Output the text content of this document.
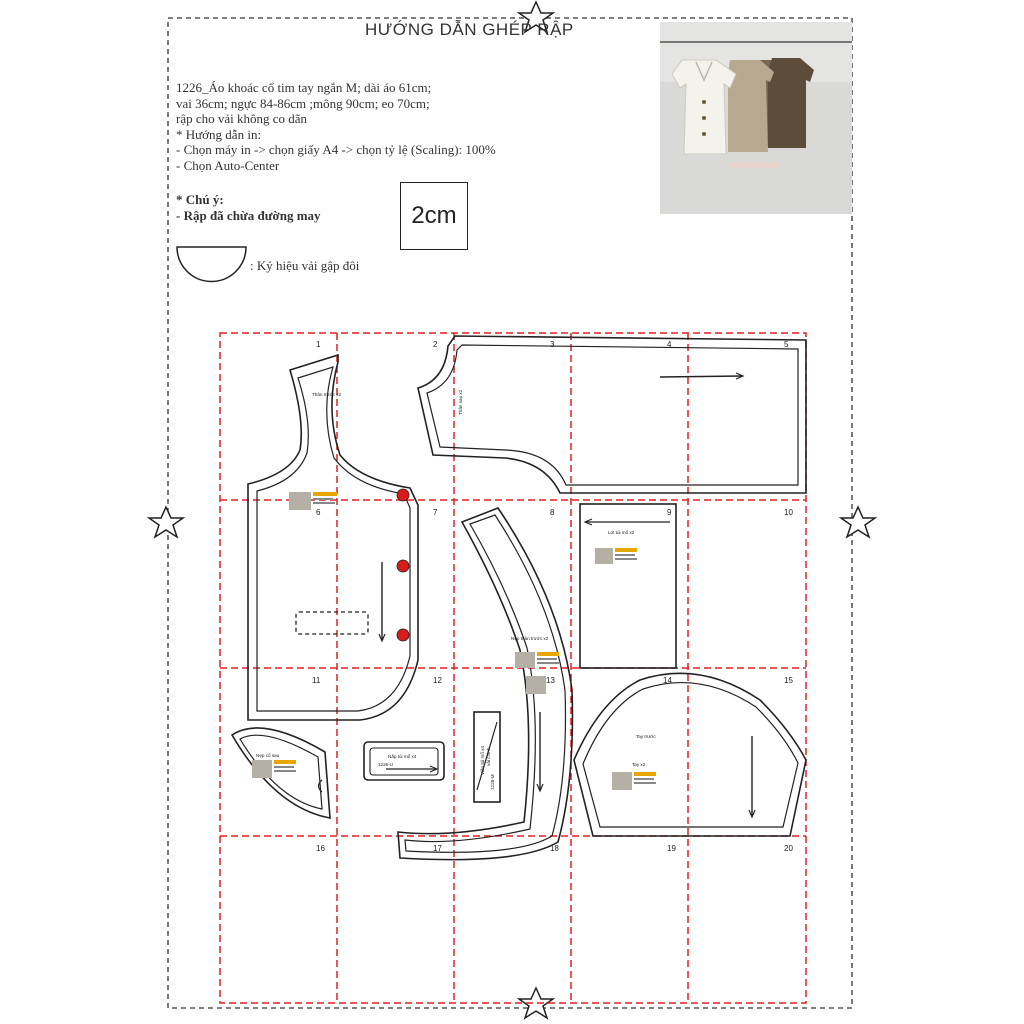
1	2	3	4	5
6	7	8	9	10
11	12	13	14	15
16	17	18	19	20
Thân trước x2	Thân sau x2
Lót túi mổ x2
Nẹp thân trước x2
Nẹp cổ sau	Nắp túi mổ x4
1226-U	Viền túi mổ x4 vải chính
1226-M
Tay trước
Tay x2
HƯỚNG DẪN GHÉP RẬP
1226_Áo khoác cổ tim tay ngắn M; dài áo 61cm;
vai 36cm; ngực 84-86cm ;mông 90cm; eo 70cm;
rập cho vải không co dãn
* Hướng dẫn in:
- Chọn máy in -> chọn giấy A4 -> chọn tỷ lệ (Scaling): 100%
- Chọn Auto-Center
* Chú ý:
- Rập đã chừa đường may	2cm
: Ký hiệu vải gập đôi
